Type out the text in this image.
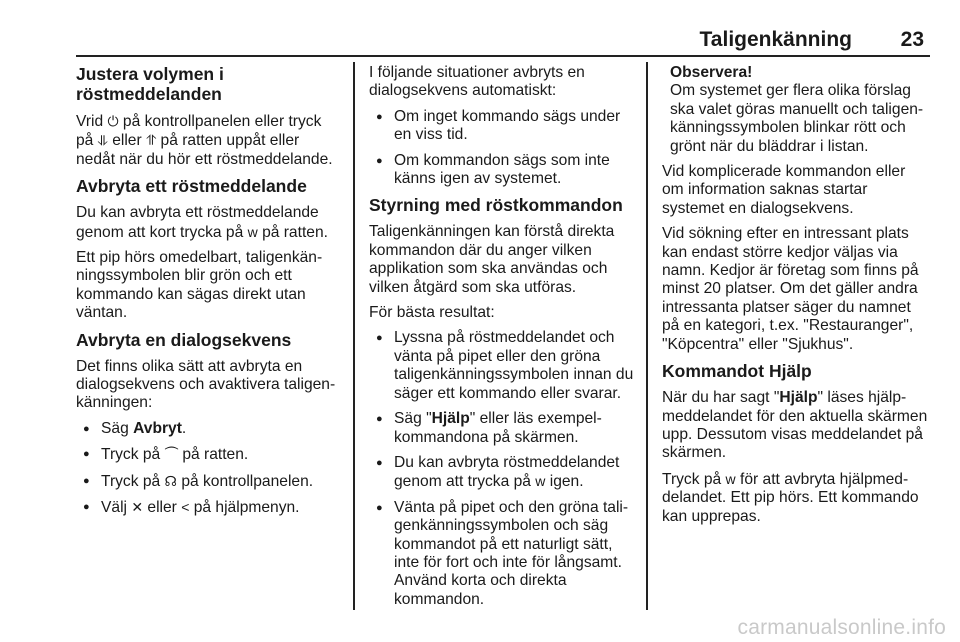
Taligenkänning 23
Justera volymen i röstmeddelanden

Vrid ⏻ på kontrollpanelen eller tryck på ⥥ eller ⥣ på ratten uppåt eller nedåt när du hör ett röstmeddelande.

Avbryta ett röstmeddelande

Du kan avbryta ett röstmeddelande genom att kort trycka på w på ratten.

Ett pip hörs omedelbart, taligenkänningssymbolen blir grön och ett kommando kan sägas direkt utan väntan.

Avbryta en dialogsekvens

Det finns olika sätt att avbryta en dialogsekvens och avaktivera taligenkänningen:

● Säg Avbryt.
● Tryck på ⏜ på ratten.
● Tryck på ☊ på kontrollpanelen.
● Välj ✕ eller < på hjälpmenyn.

I följande situationer avbryts en dialogsekvens automatiskt:

● Om inget kommando sägs under en viss tid.
● Om kommandon sägs som inte känns igen av systemet.
Styrning med röstkommandon

Taligenkänningen kan förstå direkta kommandon där du anger vilken applikation som ska användas och vilken åtgärd som ska utföras.

För bästa resultat:

● Lyssna på röstmeddelandet och vänta på pipet eller den gröna taligenkänningssymbolen innan du säger ett kommando eller svarar.
● Säg "Hjälp" eller läs exempelkommandona på skärmen.
● Du kan avbryta röstmeddelandet genom att trycka på w igen.
● Vänta på pipet och den gröna taligenkänningssymbolen och säg kommandot på ett naturligt sätt, inte för fort och inte för långsamt. Använd korta och direkta kommandon.
Observera!

Om systemet ger flera olika förslag ska valet göras manuellt och taligenkänningssymbolen blinkar rött och grönt när du bläddrar i listan.

Vid komplicerade kommandon eller om information saknas startar systemet en dialogsekvens.

Vid sökning efter en intressant plats kan endast större kedjor väljas via namn. Kedjor är företag som finns på minst 20 platser. Om det gäller andra intressanta platser säger du namnet på en kategori, t.ex. "Restauranger", "Köpcentra" eller "Sjukhus".

Kommandot Hjälp

När du har sagt "Hjälp" läses hjälpmeddelandet för den aktuella skärmen upp. Dessutom visas meddelandet på skärmen.

Tryck på w för att avbryta hjälpmeddelandet. Ett pip hörs. Ett kommando kan upprepas.

carmanualsonline.info
